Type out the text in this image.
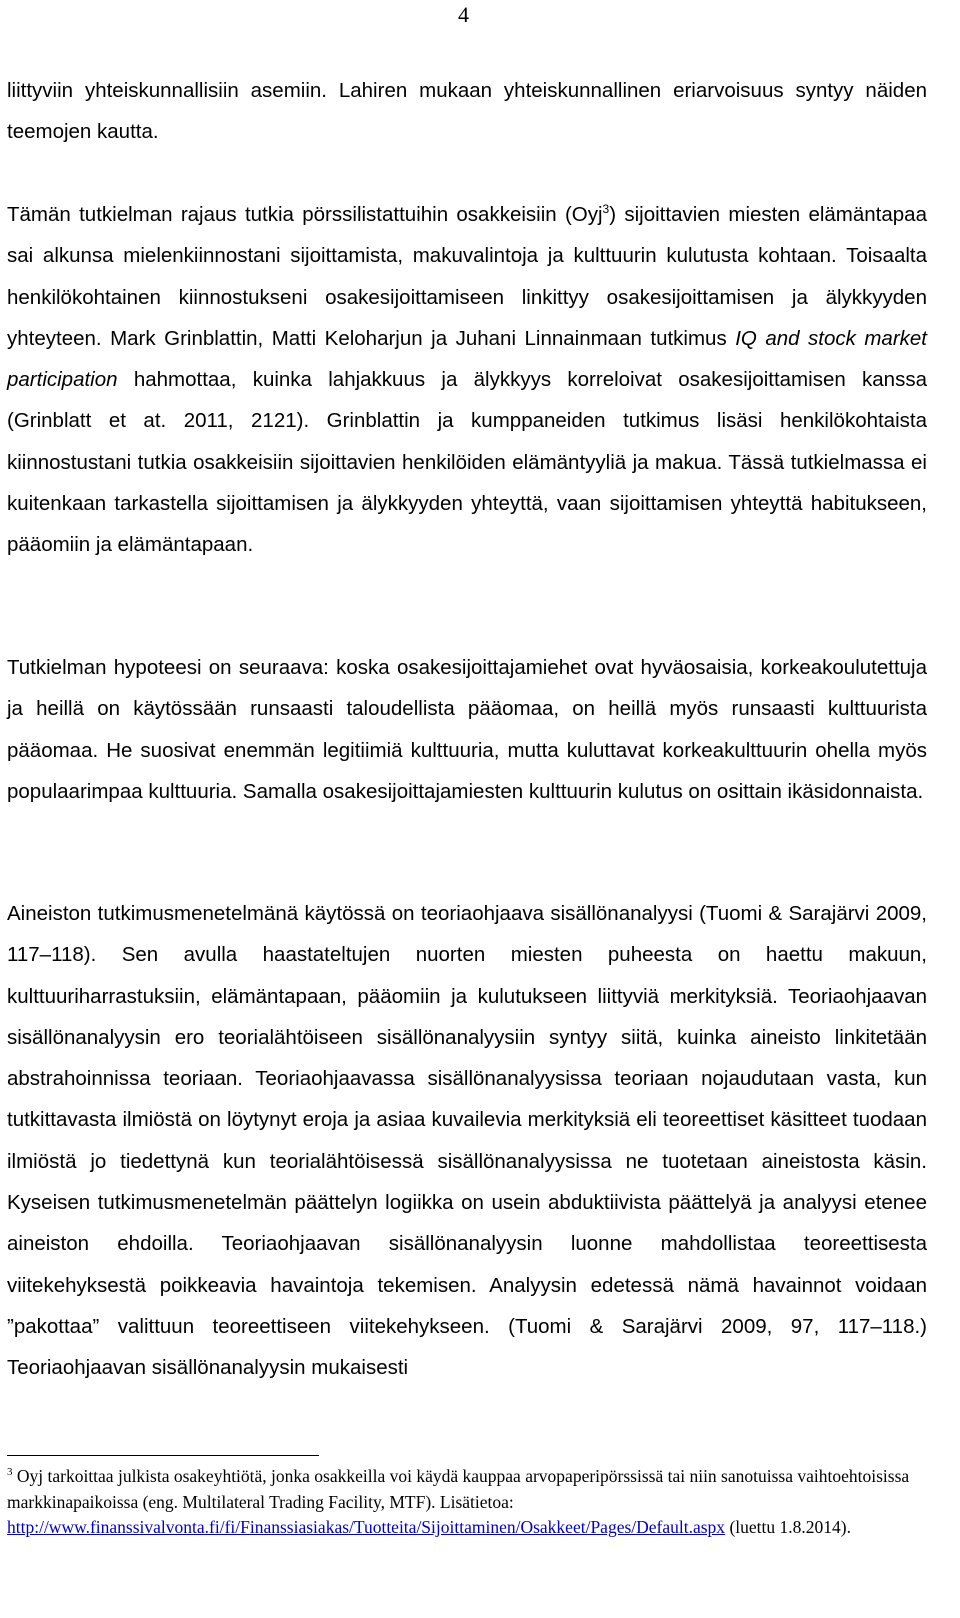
4
liittyviin yhteiskunnallisiin asemiin. Lahiren mukaan yhteiskunnallinen eriarvoisuus syntyy näiden teemojen kautta.
Tämän tutkielman rajaus tutkia pörssilistattuihin osakkeisiin (Oyj$^3$) sijoittavien miesten elämäntapaa sai alkunsa mielenkiinnostani sijoittamista, makuvalintoja ja kulttuurin kulutusta kohtaan. Toisaalta henkilökohtainen kiinnostukseni osakesijoittamiseen linkittyy osakesijoittamisen ja älykkyyden yhteyteen. Mark Grinblattin, Matti Keloharjun ja Juhani Linnainmaan tutkimus IQ and stock market participation hahmottaa, kuinka lahjakkuus ja älykkyys korreloivat osakesijoittamisen kanssa (Grinblatt et at. 2011, 2121). Grinblattin ja kumppaneiden tutkimus lisäsi henkilökohtaista kiinnostustani tutkia osakkeisiin sijoittavien henkilöiden elämäntyyliä ja makua. Tässä tutkielmassa ei kuitenkaan tarkastella sijoittamisen ja älykkyyden yhteyttä, vaan sijoittamisen yhteyttä habitukseen, pääomiin ja elämäntapaan.
Tutkielman hypoteesi on seuraava: koska osakesijoittajamiehet ovat hyväosaisia, korkeakoulutettuja ja heillä on käytössään runsaasti taloudellista pääomaa, on heillä myös runsaasti kulttuurista pääomaa. He suosivat enemmän legitiimiä kulttuuria, mutta kuluttavat korkeakulttuurin ohella myös populaarimpaa kulttuuria. Samalla osakesijoittajamiesten kulttuurin kulutus on osittain ikäsidonnaista.
Aineiston tutkimusmenetelmänä käytössä on teoriaohjaava sisällönanalyysi (Tuomi & Sarajärvi 2009, 117–118). Sen avulla haastateltujen nuorten miesten puheesta on haettu makuun, kulttuuriharrastuksiin, elämäntapaan, pääomiin ja kulutukseen liittyviä merkityksiä. Teoriaohjaavan sisällönanalyysin ero teorialähtöiseen sisällönanalyysiin syntyy siitä, kuinka aineisto linkitetään abstrahoinnissa teoriaan. Teoriaohjaavassa sisällönanalyysissa teoriaan nojaudutaan vasta, kun tutkittavasta ilmiöstä on löytynyt eroja ja asiaa kuvailevia merkityksiä eli teoreettiset käsitteet tuodaan ilmiöstä jo tiedettynä kun teorialähtöisessä sisällönanalyysissa ne tuotetaan aineistosta käsin. Kyseisen tutkimusmenetelmän päättelyn logiikka on usein abduktiivista päättelyä ja analyysi etenee aineiston ehdoilla. Teoriaohjaavan sisällönanalyysin luonne mahdollistaa teoreettisesta viitekehyksestä poikkeavia havaintoja tekemisen. Analyysin edetessä nämä havainnot voidaan ”pakottaa” valittuun teoreettiseen viitekehykseen. (Tuomi & Sarajärvi 2009, 97, 117–118.) Teoriaohjaavan sisällönanalyysin mukaisesti
$^3$ Oyj tarkoittaa julkista osakeyhtiötä, jonka osakkeilla voi käydä kauppaa arvopaperipörssissä tai niin sanotuissa vaihtoehtoisissa markkinapaikoissa (eng. Multilateral Trading Facility, MTF). Lisätietoa: http://www.finanssivalvonta.fi/fi/Finanssiasiakas/Tuotteita/Sijoittaminen/Osakkeet/Pages/Default.aspx (luettu 1.8.2014).
